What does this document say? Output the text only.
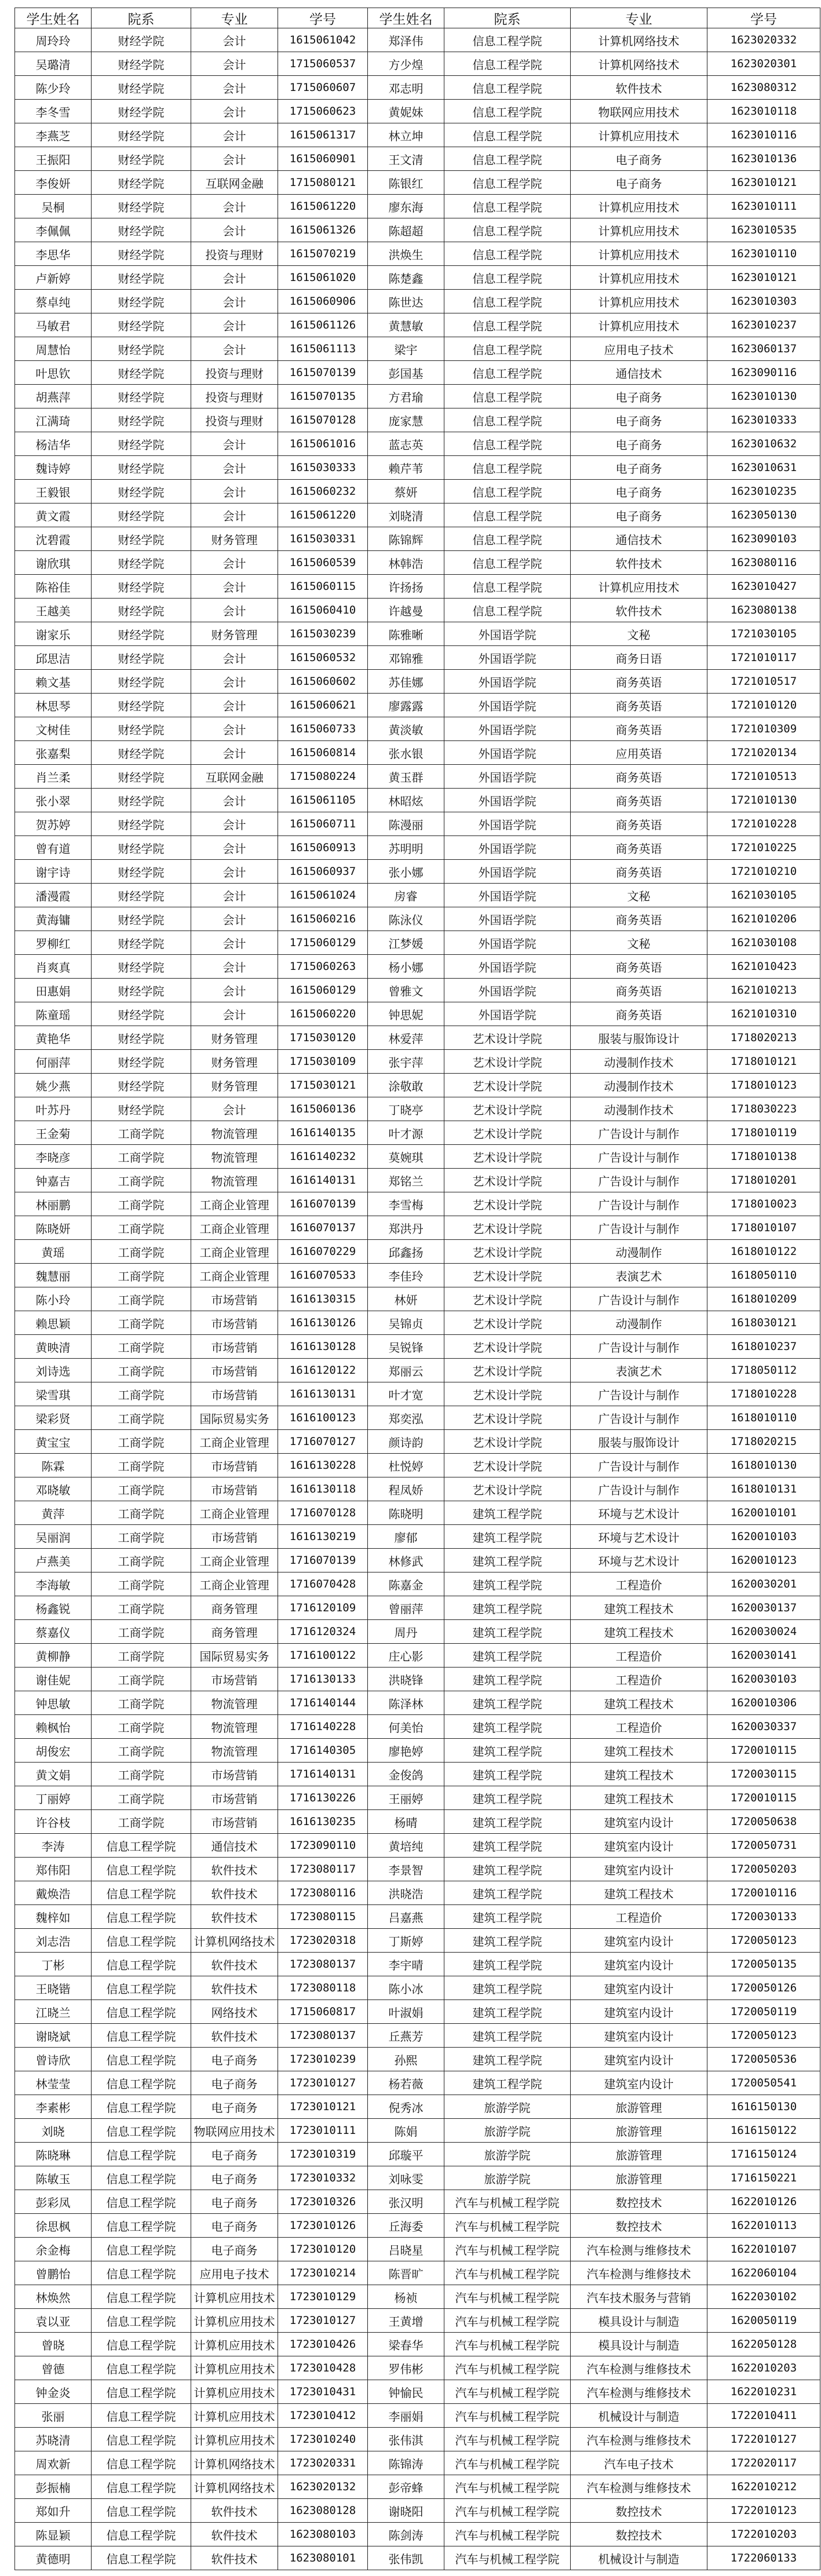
学生姓名	院系	专业	学号	学生姓名	院系	专业	学号
周玲玲	财经学院	会计	1615061042	郑泽伟	信息工程学院	计算机网络技术	1623020332
吴璐清	财经学院	会计	1715060537	方少煌	信息工程学院	计算机网络技术	1623020301
陈少玲	财经学院	会计	1715060607	邓志明	信息工程学院	软件技术	1623080312
李冬雪	财经学院	会计	1715060623	黄妮妹	信息工程学院	物联网应用技术	1623010118
李燕芝	财经学院	会计	1615061317	林立坤	信息工程学院	计算机应用技术	1623010116
王振阳	财经学院	会计	1615060901	王文清	信息工程学院	电子商务	1623010136
李俊妍	财经学院	互联网金融	1715080121	陈银红	信息工程学院	电子商务	1623010121
吴桐	财经学院	会计	1615061220	廖东海	信息工程学院	计算机应用技术	1623010111
李佩佩	财经学院	会计	1615061326	陈超超	信息工程学院	计算机应用技术	1623010535
李思华	财经学院	投资与理财	1615070219	洪焕生	信息工程学院	计算机应用技术	1623010110
卢新婷	财经学院	会计	1615061020	陈楚鑫	信息工程学院	计算机应用技术	1623010121
蔡卓纯	财经学院	会计	1615060906	陈世达	信息工程学院	计算机应用技术	1623010303
马敏君	财经学院	会计	1615061126	黄慧敏	信息工程学院	计算机应用技术	1623010237
周慧怡	财经学院	会计	1615061113	梁宇	信息工程学院	应用电子技术	1623060137
叶思钦	财经学院	投资与理财	1615070139	彭国基	信息工程学院	通信技术	1623090116
胡燕萍	财经学院	投资与理财	1615070135	方君瑜	信息工程学院	电子商务	1623010130
江满琦	财经学院	投资与理财	1615070128	庞家慧	信息工程学院	电子商务	1623010333
杨洁华	财经学院	会计	1615061016	蓝志英	信息工程学院	电子商务	1623010632
魏诗婷	财经学院	会计	1615030333	赖芹苇	信息工程学院	电子商务	1623010631
王毅银	财经学院	会计	1615060232	蔡妍	信息工程学院	电子商务	1623010235
黄文霞	财经学院	会计	1615061220	刘晓清	信息工程学院	电子商务	1623050130
沈碧霞	财经学院	财务管理	1615030331	陈锦辉	信息工程学院	通信技术	1623090103
谢欣琪	财经学院	会计	1615060539	林韩浩	信息工程学院	软件技术	1623080116
陈裕佳	财经学院	会计	1615060115	许扬扬	信息工程学院	计算机应用技术	1623010427
王越美	财经学院	会计	1615060410	许越曼	信息工程学院	软件技术	1623080138
谢家乐	财经学院	财务管理	1615030239	陈雅晰	外国语学院	文秘	1721030105
邱思洁	财经学院	会计	1615060532	邓锦雅	外国语学院	商务日语	1721010117
赖文基	财经学院	会计	1615060602	苏佳娜	外国语学院	商务英语	1721010517
林思琴	财经学院	会计	1615060621	廖露露	外国语学院	商务英语	1721010120
文树佳	财经学院	会计	1615060733	黄淡敏	外国语学院	商务英语	1721010309
张嘉梨	财经学院	会计	1615060814	张水银	外国语学院	应用英语	1721020134
肖兰柔	财经学院	互联网金融	1715080224	黄玉群	外国语学院	商务英语	1721010513
张小翠	财经学院	会计	1615061105	林昭炫	外国语学院	商务英语	1721010130
贺苏婷	财经学院	会计	1615060711	陈漫丽	外国语学院	商务英语	1721010228
曾有道	财经学院	会计	1615060913	苏明明	外国语学院	商务英语	1721010225
谢宇诗	财经学院	会计	1615060937	张小娜	外国语学院	商务英语	1721010210
潘漫霞	财经学院	会计	1615061024	房睿	外国语学院	文秘	1621030105
黄海镛	财经学院	会计	1615060216	陈泳仪	外国语学院	商务英语	1621010206
罗柳红	财经学院	会计	1715060129	江梦媛	外国语学院	文秘	1621030108
肖爽真	财经学院	会计	1715060263	杨小娜	外国语学院	商务英语	1621010423
田惠娟	财经学院	会计	1615060129	曾雅文	外国语学院	商务英语	1621010213
陈童瑶	财经学院	会计	1615060220	钟思妮	外国语学院	商务英语	1621010310
黄艳华	财经学院	财务管理	1715030120	林爱萍	艺术设计学院	服装与服饰设计	1718020213
何丽萍	财经学院	财务管理	1715030109	张宇萍	艺术设计学院	动漫制作技术	1718010121
姚少燕	财经学院	财务管理	1715030121	涂敬敢	艺术设计学院	动漫制作技术	1718010123
叶苏丹	财经学院	会计	1615060136	丁晓亭	艺术设计学院	动漫制作技术	1718030223
王金菊	工商学院	物流管理	1616140135	叶才源	艺术设计学院	广告设计与制作	1718010119
李晓彦	工商学院	物流管理	1616140232	莫婉琪	艺术设计学院	广告设计与制作	1718010138
钟嘉吉	工商学院	物流管理	1616140131	郑铭兰	艺术设计学院	广告设计与制作	1718010201
林丽鹏	工商学院	工商企业管理	1616070139	李雪梅	艺术设计学院	广告设计与制作	1718010023
陈晓妍	工商学院	工商企业管理	1616070137	郑洪丹	艺术设计学院	广告设计与制作	1718010107
黄瑶	工商学院	工商企业管理	1616070229	邱鑫扬	艺术设计学院	动漫制作	1618010122
魏慧丽	工商学院	工商企业管理	1616070533	李佳玲	艺术设计学院	表演艺术	1618050110
陈小玲	工商学院	市场营销	1616130315	林妍	艺术设计学院	广告设计与制作	1618010209
赖思颖	工商学院	市场营销	1616130126	吴锦贞	艺术设计学院	动漫制作	1618030121
黄映清	工商学院	市场营销	1616130128	吴锐锋	艺术设计学院	广告设计与制作	1618010237
刘诗选	工商学院	市场营销	1616120122	郑丽云	艺术设计学院	表演艺术	1718050112
梁雪琪	工商学院	市场营销	1616130131	叶才宽	艺术设计学院	广告设计与制作	1718010228
梁彩贤	工商学院	国际贸易实务	1616100123	郑奕泓	艺术设计学院	广告设计与制作	1618010110
黄宝宝	工商学院	工商企业管理	1716070127	颜诗韵	艺术设计学院	服装与服饰设计	1718020215
陈霖	工商学院	市场营销	1616130228	杜悦婷	艺术设计学院	广告设计与制作	1618010130
邓晓敏	工商学院	市场营销	1616130118	程凤娇	艺术设计学院	广告设计与制作	1618010131
黄萍	工商学院	工商企业管理	1716070128	陈晓明	建筑工程学院	环境与艺术设计	1620010101
吴丽润	工商学院	市场营销	1616130219	廖郁	建筑工程学院	环境与艺术设计	1620010103
卢燕美	工商学院	工商企业管理	1716070139	林修武	建筑工程学院	环境与艺术设计	1620010123
李海敏	工商学院	工商企业管理	1716070428	陈嘉金	建筑工程学院	工程造价	1620030201
杨鑫锐	工商学院	商务管理	1716120109	曾丽萍	建筑工程学院	建筑工程技术	1620030137
蔡嘉仪	工商学院	商务管理	1716120324	周丹	建筑工程学院	建筑工程技术	1620030024
黄柳静	工商学院	国际贸易实务	1716100122	庄心影	建筑工程学院	工程造价	1620030141
谢佳妮	工商学院	市场营销	1716130133	洪晓锋	建筑工程学院	工程造价	1620030103
钟思敏	工商学院	物流管理	1716140144	陈泽林	建筑工程学院	建筑工程技术	1620010306
赖枫怡	工商学院	物流管理	1716140228	何美怡	建筑工程学院	工程造价	1620030337
胡俊宏	工商学院	物流管理	1716140305	廖艳婷	建筑工程学院	建筑工程技术	1720010115
黄文娟	工商学院	市场营销	1716140131	金俊鸽	建筑工程学院	建筑工程技术	1720030115
丁丽婷	工商学院	市场营销	1716130226	王丽婷	建筑工程学院	建筑工程技术	1720010115
许谷枝	工商学院	市场营销	1616130235	杨晴	建筑工程学院	建筑室内设计	1720050638
李涛	信息工程学院	通信技术	1723090110	黄培纯	建筑工程学院	建筑室内设计	1720050731
郑伟阳	信息工程学院	软件技术	1723080117	李景智	建筑工程学院	建筑室内设计	1720050203
戴焕浩	信息工程学院	软件技术	1723080116	洪晓浩	建筑工程学院	建筑工程技术	1720010116
魏梓如	信息工程学院	软件技术	1723080115	吕嘉燕	建筑工程学院	工程造价	1720030133
刘志浩	信息工程学院	计算机网络技术	1723020318	丁斯婷	建筑工程学院	建筑室内设计	1720050123
丁彬	信息工程学院	软件技术	1723080137	李宇晴	建筑工程学院	建筑室内设计	1720050135
王晓锴	信息工程学院	软件技术	1723080118	陈小冰	建筑工程学院	建筑室内设计	1720050126
江晓兰	信息工程学院	网络技术	1715060817	叶淑娟	建筑工程学院	建筑室内设计	1720050119
谢晓斌	信息工程学院	软件技术	1723080137	丘燕芳	建筑工程学院	建筑室内设计	1720050123
曾诗欣	信息工程学院	电子商务	1723010239	孙熙	建筑工程学院	建筑室内设计	1720050536
林莹莹	信息工程学院	电子商务	1723010127	杨若薇	建筑工程学院	建筑室内设计	1720050541
李素彬	信息工程学院	电子商务	1723010121	倪秀冰	旅游学院	旅游管理	1616150130
刘晓	信息工程学院	物联网应用技术	1723010111	陈娟	旅游学院	旅游管理	1616150122
陈晓琳	信息工程学院	电子商务	1723010319	邱璇平	旅游学院	旅游管理	1716150124
陈敏玉	信息工程学院	电子商务	1723010332	刘咏雯	旅游学院	旅游管理	1716150221
彭彩凤	信息工程学院	电子商务	1723010326	张汉明	汽车与机械工程学院	数控技术	1622010126
徐思枫	信息工程学院	电子商务	1723010126	丘海委	汽车与机械工程学院	数控技术	1622010113
余金梅	信息工程学院	电子商务	1723010120	吕晓星	汽车与机械工程学院	汽车检测与维修技术	1622010107
曾鹏怡	信息工程学院	应用电子技术	1723010214	陈晋旷	汽车与机械工程学院	汽车检测与维修技术	1622060104
林焕然	信息工程学院	计算机应用技术	1723010129	杨祯	汽车与机械工程学院	汽车技术服务与营销	1622030102
袁以亚	信息工程学院	计算机应用技术	1723010127	王黄增	汽车与机械工程学院	模具设计与制造	1620050119
曾晓	信息工程学院	计算机应用技术	1723010426	梁春华	汽车与机械工程学院	模具设计与制造	1622050128
曾德	信息工程学院	计算机应用技术	1723010428	罗伟彬	汽车与机械工程学院	汽车检测与维修技术	1622010203
钟金炎	信息工程学院	计算机应用技术	1723010431	钟愉民	汽车与机械工程学院	汽车检测与维修技术	1622010231
张丽	信息工程学院	计算机应用技术	1723010412	李丽娟	汽车与机械工程学院	机械设计与制造	1722010411
苏晓清	信息工程学院	计算机应用技术	1723010240	张伟淇	汽车与机械工程学院	汽车检测与维修技术	1722010127
周欢新	信息工程学院	计算机网络技术	1723020331	陈锦涛	汽车与机械工程学院	汽车电子技术	1722020117
彭振楠	信息工程学院	计算机网络技术	1623020132	彭帝蜂	汽车与机械工程学院	汽车检测与维修技术	1622010212
郑如升	信息工程学院	软件技术	1623080128	谢晓阳	汽车与机械工程学院	数控技术	1722010123
陈显颖	信息工程学院	软件技术	1623080103	陈剑涛	汽车与机械工程学院	数控技术	1722010203
黄德明	信息工程学院	软件技术	1623080101	张伟凯	汽车与机械工程学院	机械设计与制造	1722060133
